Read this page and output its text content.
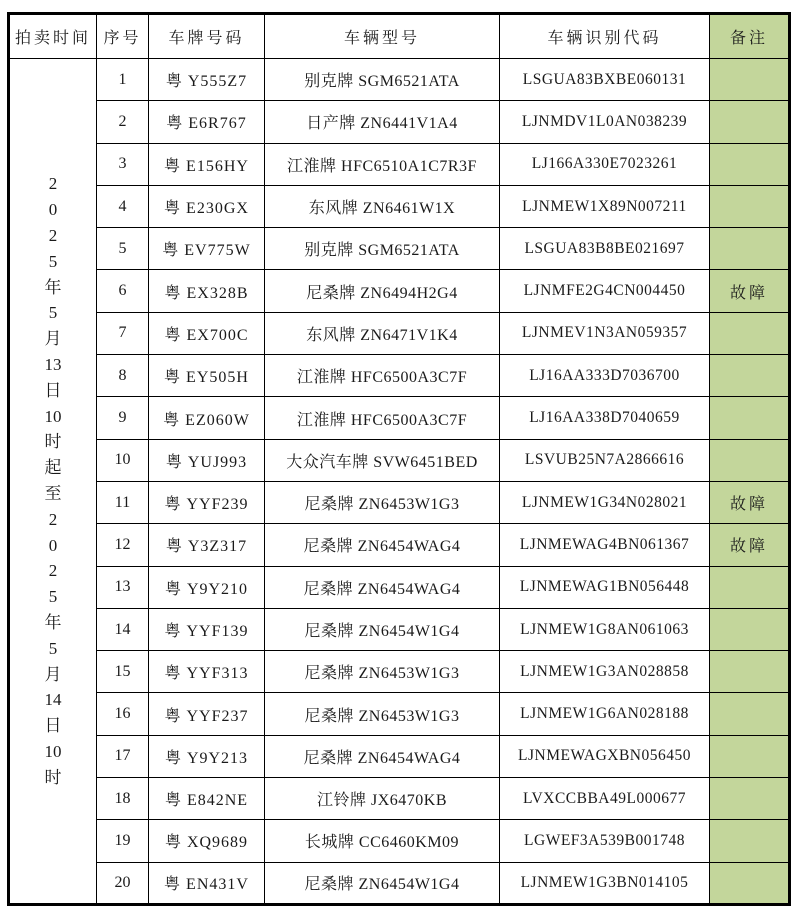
拍卖时间	序号	车牌号码	车辆型号	车辆识别代码	备注

2
0
2
5
年
5
月
13
日
10
时
起
至
2
0
2
5
年
5
月
14
日
10
时
	1	粤 Y555Z7	别克牌 SGM6521ATA	LSGUA83BXBE060131	
	2	粤 E6R767	日产牌 ZN6441V1A4	LJNMDV1L0AN038239	
	3	粤 E156HY	江淮牌 HFC6510A1C7R3F	LJ166A330E7023261	
	4	粤 E230GX	东风牌 ZN6461W1X	LJNMEW1X89N007211	
	5	粤 EV775W	别克牌 SGM6521ATA	LSGUA83B8BE021697	
	6	粤 EX328B	尼桑牌 ZN6494H2G4	LJNMFE2G4CN004450	故障
	7	粤 EX700C	东风牌 ZN6471V1K4	LJNMEV1N3AN059357	
	8	粤 EY505H	江淮牌 HFC6500A3C7F	LJ16AA333D7036700	
	9	粤 EZ060W	江淮牌 HFC6500A3C7F	LJ16AA338D7040659	
	10	粤 YUJ993	大众汽车牌 SVW6451BED	LSVUB25N7A2866616	
	11	粤 YYF239	尼桑牌 ZN6453W1G3	LJNMEW1G34N028021	故障
	12	粤 Y3Z317	尼桑牌 ZN6454WAG4	LJNMEWAG4BN061367	故障
	13	粤 Y9Y210	尼桑牌 ZN6454WAG4	LJNMEWAG1BN056448	
	14	粤 YYF139	尼桑牌 ZN6454W1G4	LJNMEW1G8AN061063	
	15	粤 YYF313	尼桑牌 ZN6453W1G3	LJNMEW1G3AN028858	
	16	粤 YYF237	尼桑牌 ZN6453W1G3	LJNMEW1G6AN028188	
	17	粤 Y9Y213	尼桑牌 ZN6454WAG4	LJNMEWAGXBN056450	
	18	粤 E842NE	江铃牌 JX6470KB	LVXCCBBA49L000677	
	19	粤 XQ9689	长城牌 CC6460KM09	LGWEF3A539B001748	
	20	粤 EN431V	尼桑牌 ZN6454W1G4	LJNMEW1G3BN014105	
